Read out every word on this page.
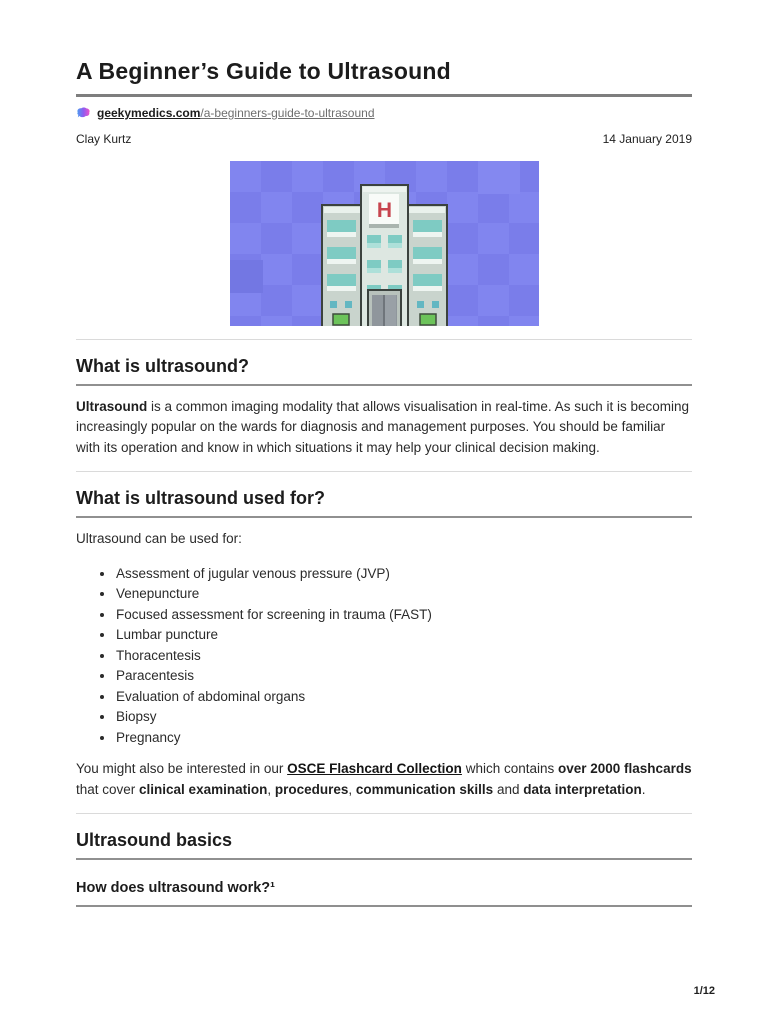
A Beginner’s Guide to Ultrasound
geekymedics.com/a-beginners-guide-to-ultrasound
Clay Kurtz	14 January 2019
H
What is ultrasound?

Ultrasound is a common imaging modality that allows visualisation in real-time. As such it is becoming increasingly popular on the wards for diagnosis and management purposes. You should be familiar with its operation and know in which situations it may help your clinical decision making.

What is ultrasound used for?

Ultrasound can be used for:

• Assessment of jugular venous pressure (JVP)
• Venepuncture
• Focused assessment for screening in trauma (FAST)
• Lumbar puncture
• Thoracentesis
• Paracentesis
• Evaluation of abdominal organs
• Biopsy
• Pregnancy

You might also be interested in our OSCE Flashcard Collection which contains over 2000 flashcards that cover clinical examination, procedures, communication skills and data interpretation.

Ultrasound basics
How does ultrasound work?¹
1/12
